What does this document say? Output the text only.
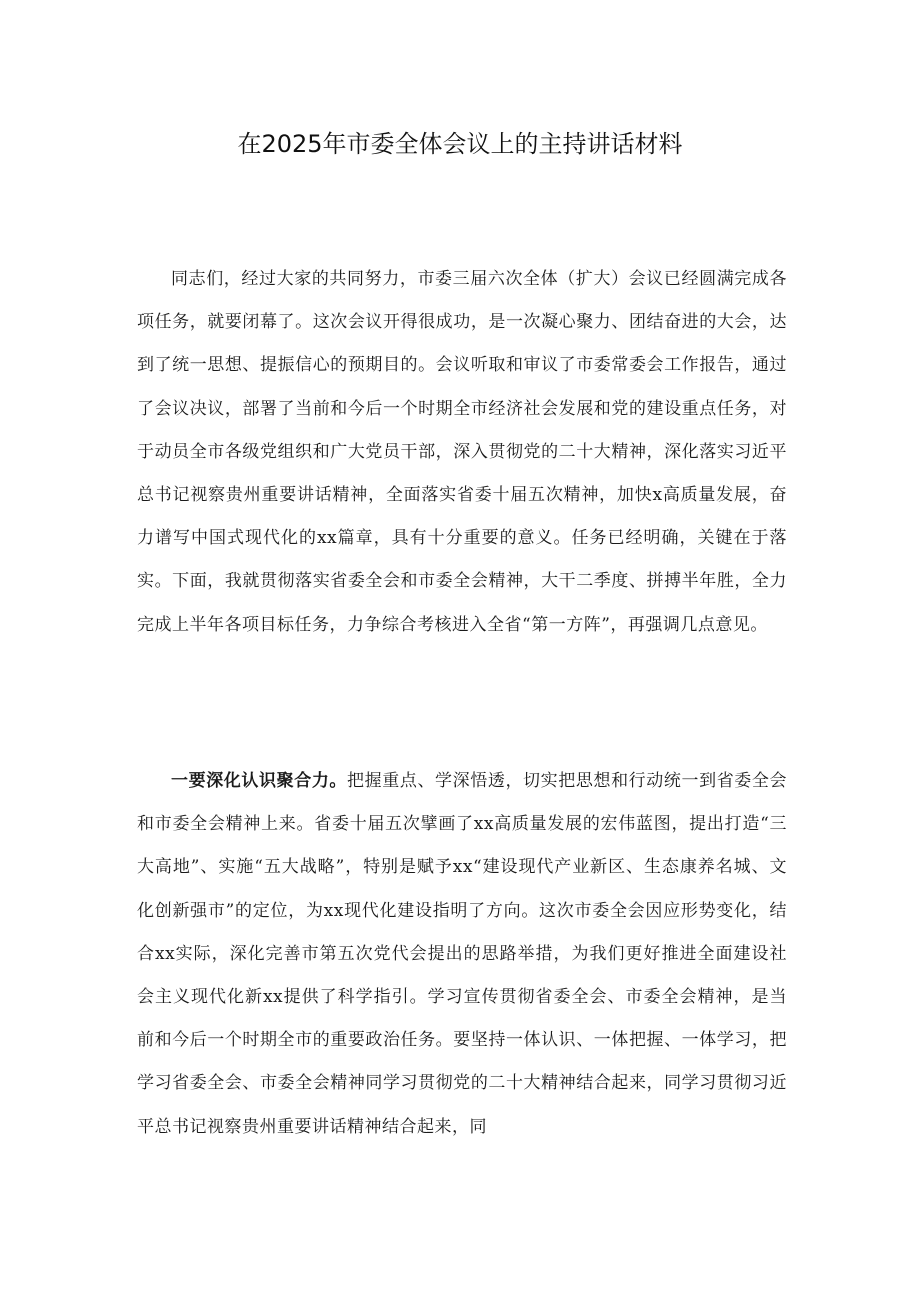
在2025年市委全体会议上的主持讲话材料

同志们，经过大家的共同努力，市委三届六次全体（扩大）会议已经圆满完成各项任务，就要闭幕了。这次会议开得很成功，是一次凝心聚力、团结奋进的大会，达到了统一思想、提振信心的预期目的。会议听取和审议了市委常委会工作报告，通过了会议决议，部署了当前和今后一个时期全市经济社会发展和党的建设重点任务，对于动员全市各级党组织和广大党员干部，深入贯彻党的二十大精神，深化落实习近平总书记视察贵州重要讲话精神，全面落实省委十届五次精神，加快x高质量发展，奋力谱写中国式现代化的xx篇章，具有十分重要的意义。任务已经明确，关键在于落实。下面，我就贯彻落实省委全会和市委全会精神，大干二季度、拼搏半年胜，全力完成上半年各项目标任务，力争综合考核进入全省“第一方阵”，再强调几点意见。

一要深化认识聚合力。把握重点、学深悟透，切实把思想和行动统一到省委全会和市委全会精神上来。省委十届五次擘画了xx高质量发展的宏伟蓝图，提出打造“三大高地”、实施“五大战略”，特别是赋予xx“建设现代产业新区、生态康养名城、文化创新强市”的定位，为xx现代化建设指明了方向。这次市委全会因应形势变化，结合xx实际，深化完善市第五次党代会提出的思路举措，为我们更好推进全面建设社会主义现代化新xx提供了科学指引。学习宣传贯彻省委全会、市委全会精神，是当前和今后一个时期全市的重要政治任务。要坚持一体认识、一体把握、一体学习，把学习省委全会、市委全会精神同学习贯彻党的二十大精神结合起来，同学习贯彻习近平总书记视察贵州重要讲话精神结合起来，同
